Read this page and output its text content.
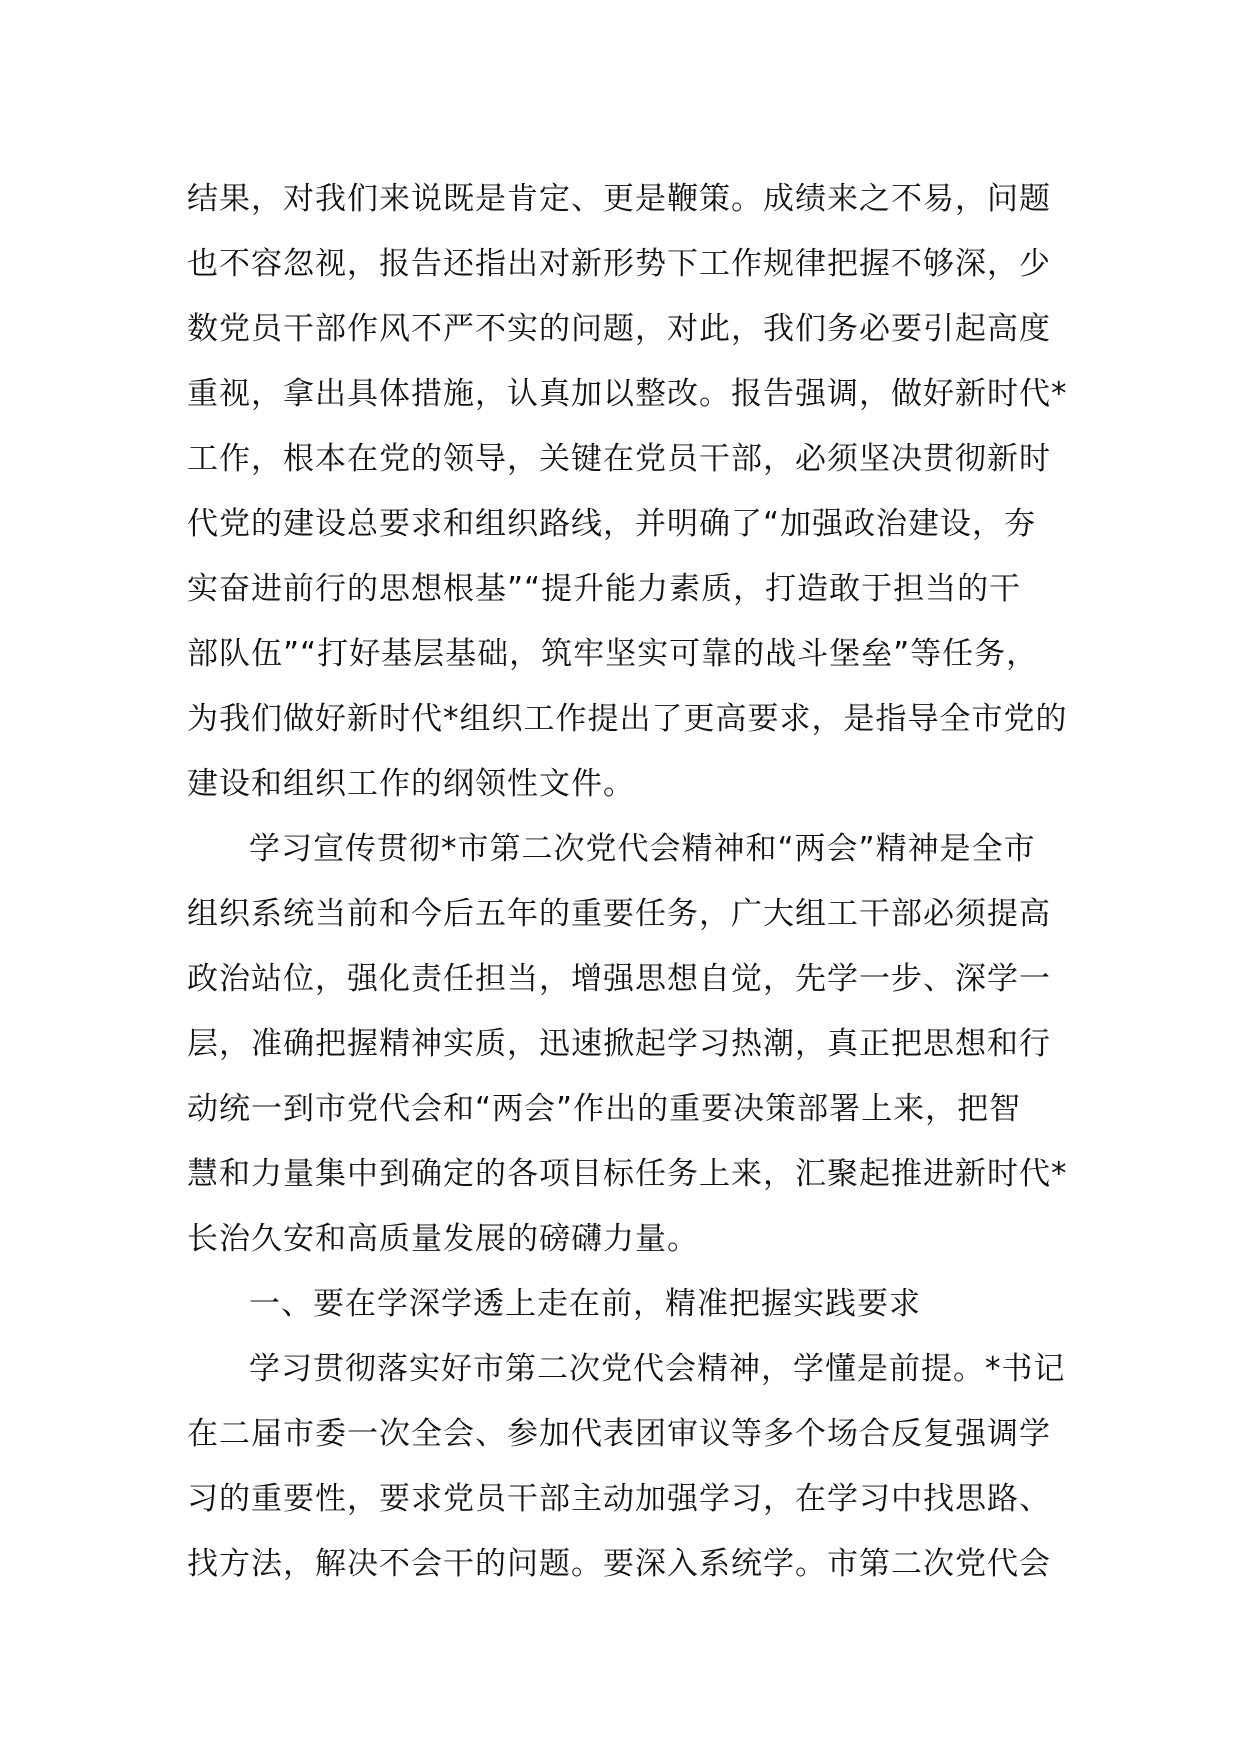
结果，对我们来说既是肯定、更是鞭策。成绩来之不易，问题
也不容忽视，报告还指出对新形势下工作规律把握不够深，少
数党员干部作风不严不实的问题，对此，我们务必要引起高度
重视，拿出具体措施，认真加以整改。报告强调，做好新时代*
工作，根本在党的领导，关键在党员干部，必须坚决贯彻新时
代党的建设总要求和组织路线，并明确了“加强政治建设，夯
实奋进前行的思想根基”“提升能力素质，打造敢于担当的干
部队伍”“打好基层基础，筑牢坚实可靠的战斗堡垒”等任务，
为我们做好新时代*组织工作提出了更高要求，是指导全市党的
建设和组织工作的纲领性文件。
学习宣传贯彻*市第二次党代会精神和“两会”精神是全市
组织系统当前和今后五年的重要任务，广大组工干部必须提高
政治站位，强化责任担当，增强思想自觉，先学一步、深学一
层，准确把握精神实质，迅速掀起学习热潮，真正把思想和行
动统一到市党代会和“两会”作出的重要决策部署上来，把智
慧和力量集中到确定的各项目标任务上来，汇聚起推进新时代*
长治久安和高质量发展的磅礴力量。
一、要在学深学透上走在前，精准把握实践要求
学习贯彻落实好市第二次党代会精神，学懂是前提。*书记
在二届市委一次全会、参加代表团审议等多个场合反复强调学
习的重要性，要求党员干部主动加强学习，在学习中找思路、
找方法，解决不会干的问题。要深入系统学。市第二次党代会
